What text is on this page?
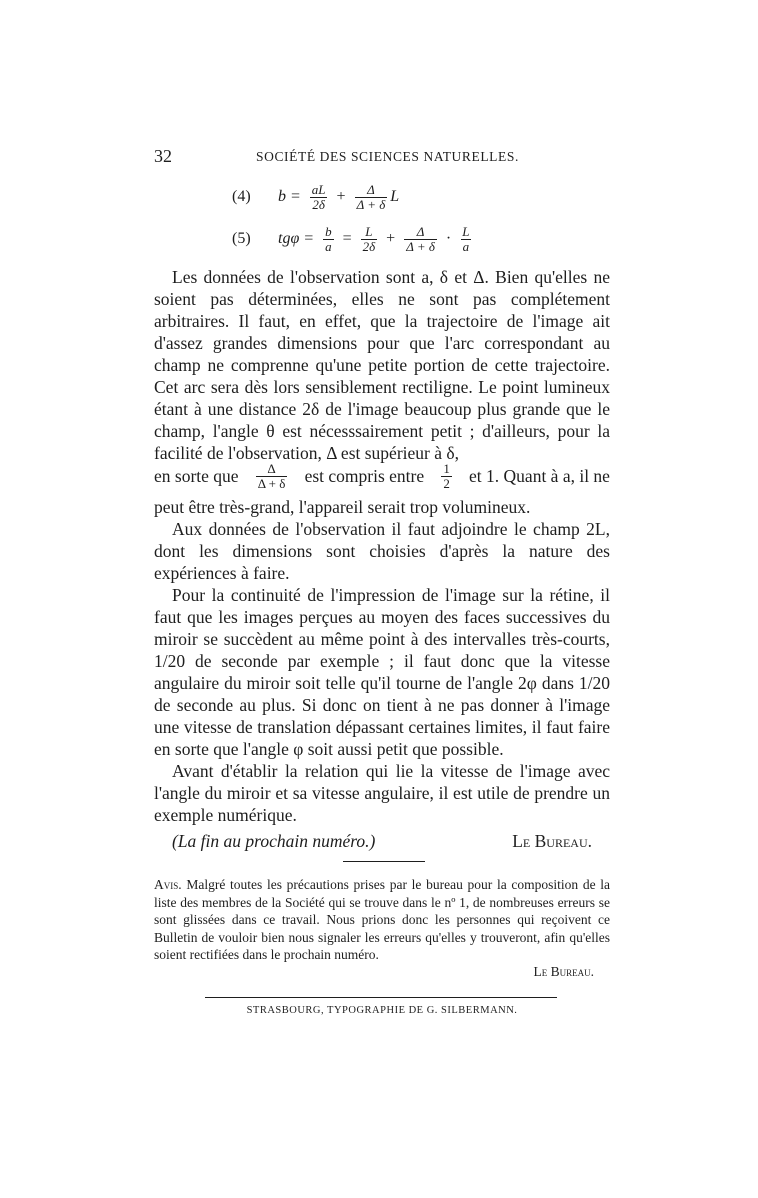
32	SOCIÉTÉ DES SCIENCES NATURELLES.
(4)	$b = \frac{aL}{2\delta} + \frac{\Delta}{\Delta + \delta}$ L
(5)	$tg\varphi = \frac{b}{a} = \frac{L}{2\delta} + \frac{\Delta}{\Delta + \delta} \cdot \frac{L}{a}$

Les données de l'observation sont a, δ et Δ. Bien qu'elles ne soient pas déterminées, elles ne sont pas complétement arbitraires. Il faut, en effet, que la trajectoire de l'image ait d'assez grandes dimensions pour que l'arc correspondant au champ ne comprenne qu'une petite portion de cette trajectoire. Cet arc sera dès lors sensiblement rectiligne. Le point lumineux étant à une distance 2δ de l'image beaucoup plus grande que le champ, l'angle θ est nécesssairement petit ; d'ailleurs, pour la facilité de l'observation, Δ est supérieur à δ,

en sorte que $\frac{\Delta}{\Delta + \delta}$ est compris entre $\frac{1}{2}$ et 1. Quant à a, il ne

peut être très-grand, l'appareil serait trop volumineux.

Aux données de l'observation il faut adjoindre le champ 2L, dont les dimensions sont choisies d'après la nature des expériences à faire.

Pour la continuité de l'impression de l'image sur la rétine, il faut que les images perçues au moyen des faces successives du miroir se succèdent au même point à des intervalles très-courts, 1/20 de seconde par exemple ; il faut donc que la vitesse angulaire du miroir soit telle qu'il tourne de l'angle 2φ dans 1/20 de seconde au plus. Si donc on tient à ne pas donner à l'image une vitesse de translation dépassant certaines limites, il faut faire en sorte que l'angle φ soit aussi petit que possible.

Avant d'établir la relation qui lie la vitesse de l'image avec l'angle du miroir et sa vitesse angulaire, il est utile de prendre un exemple numérique.

(La fin au prochain numéro.)	Le Bureau.
Avis. Malgré toutes les précautions prises par le bureau pour la composition de la liste des membres de la Société qui se trouve dans le nº 1, de nombreuses erreurs se sont glissées dans ce travail. Nous prions donc les personnes qui reçoivent ce Bulletin de vouloir bien nous signaler les erreurs qu'elles y trouveront, afin qu'elles soient rectifiées dans le prochain numéro.
Le Bureau.
STRASBOURG, TYPOGRAPHIE DE G. SILBERMANN.
